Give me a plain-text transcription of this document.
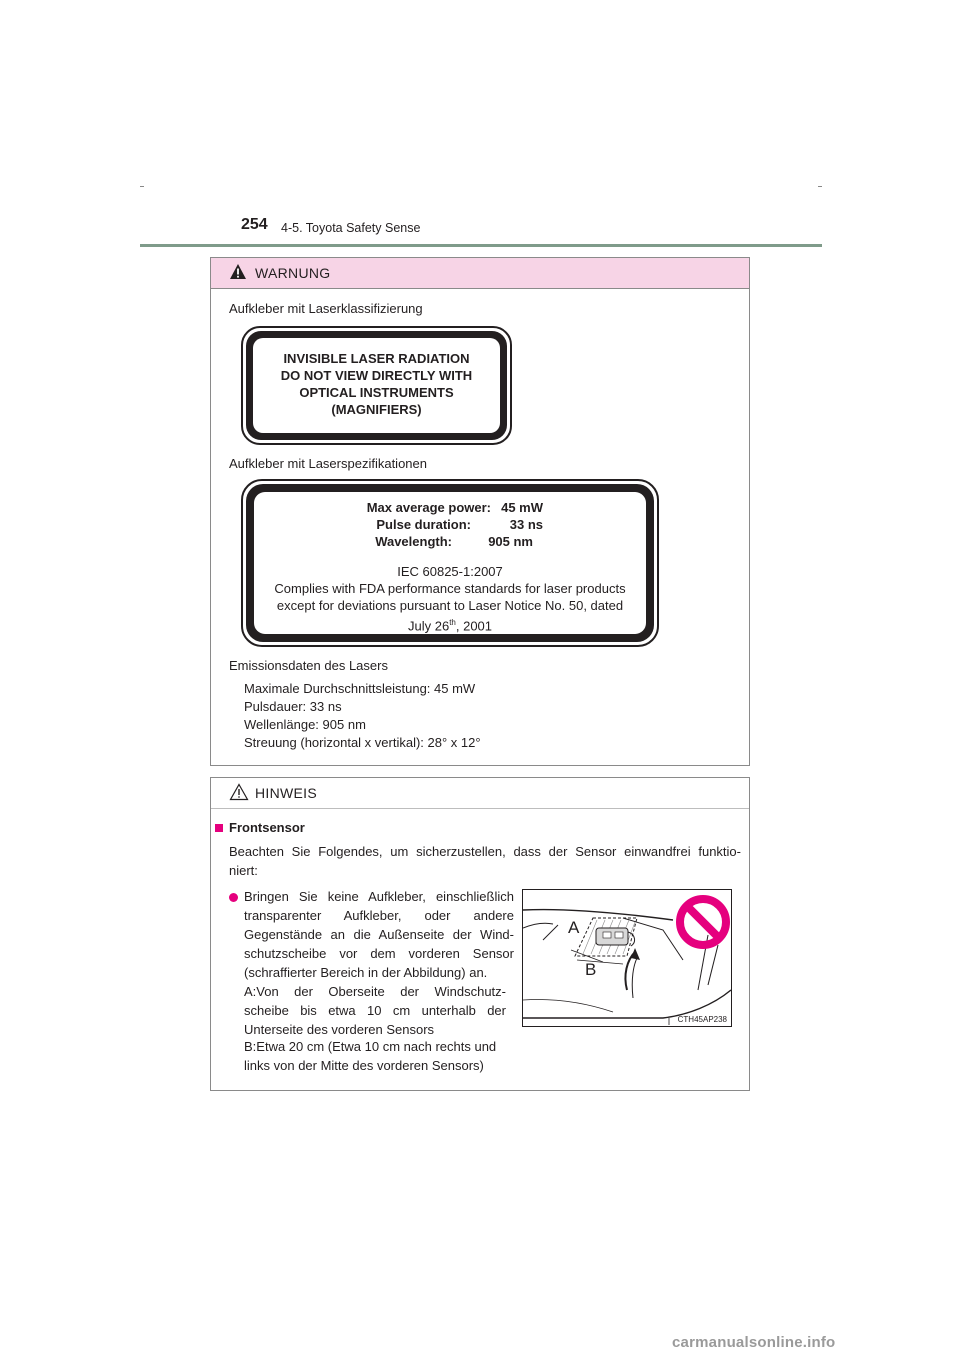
254 4-5. Toyota Safety Sense
WARNUNG
Aufkleber mit Laserklassifizierung
INVISIBLE LASER RADIATION
DO NOT VIEW DIRECTLY WITH
OPTICAL INSTRUMENTS
(MAGNIFIERS)
Aufkleber mit Laserspezifikationen
Max average power: 45 mW
Pulse duration:	33 ns
Wavelength:	905 nm
IEC 60825-1:2007
Complies with FDA performance standards for laser products
except for deviations pursuant to Laser Notice No. 50, dated
July 26th, 2001
Emissionsdaten des Lasers
Maximale Durchschnittsleistung: 45 mW
Pulsdauer: 33 ns
Wellenlänge: 905 nm
Streuung (horizontal x vertikal): 28° x 12°
HINWEIS
Frontsensor
Beachten Sie Folgendes, um sicherzustellen, dass der Sensor einwandfrei funktio-
niert:
Bringen Sie keine Aufkleber, einschließlich
transparenter Aufkleber, oder andere
Gegenstände an die Außenseite der Wind-
schutzscheibe vor dem vorderen Sensor
(schraffierter Bereich in der Abbildung) an.
A:Von der Oberseite der Windschutz-
scheibe bis etwa 10 cm unterhalb der
Unterseite des vorderen Sensors
B:Etwa 20 cm (Etwa 10 cm nach rechts und
links von der Mitte des vorderen Sensors)
A
B
CTH45AP238
carmanualsonline.info
